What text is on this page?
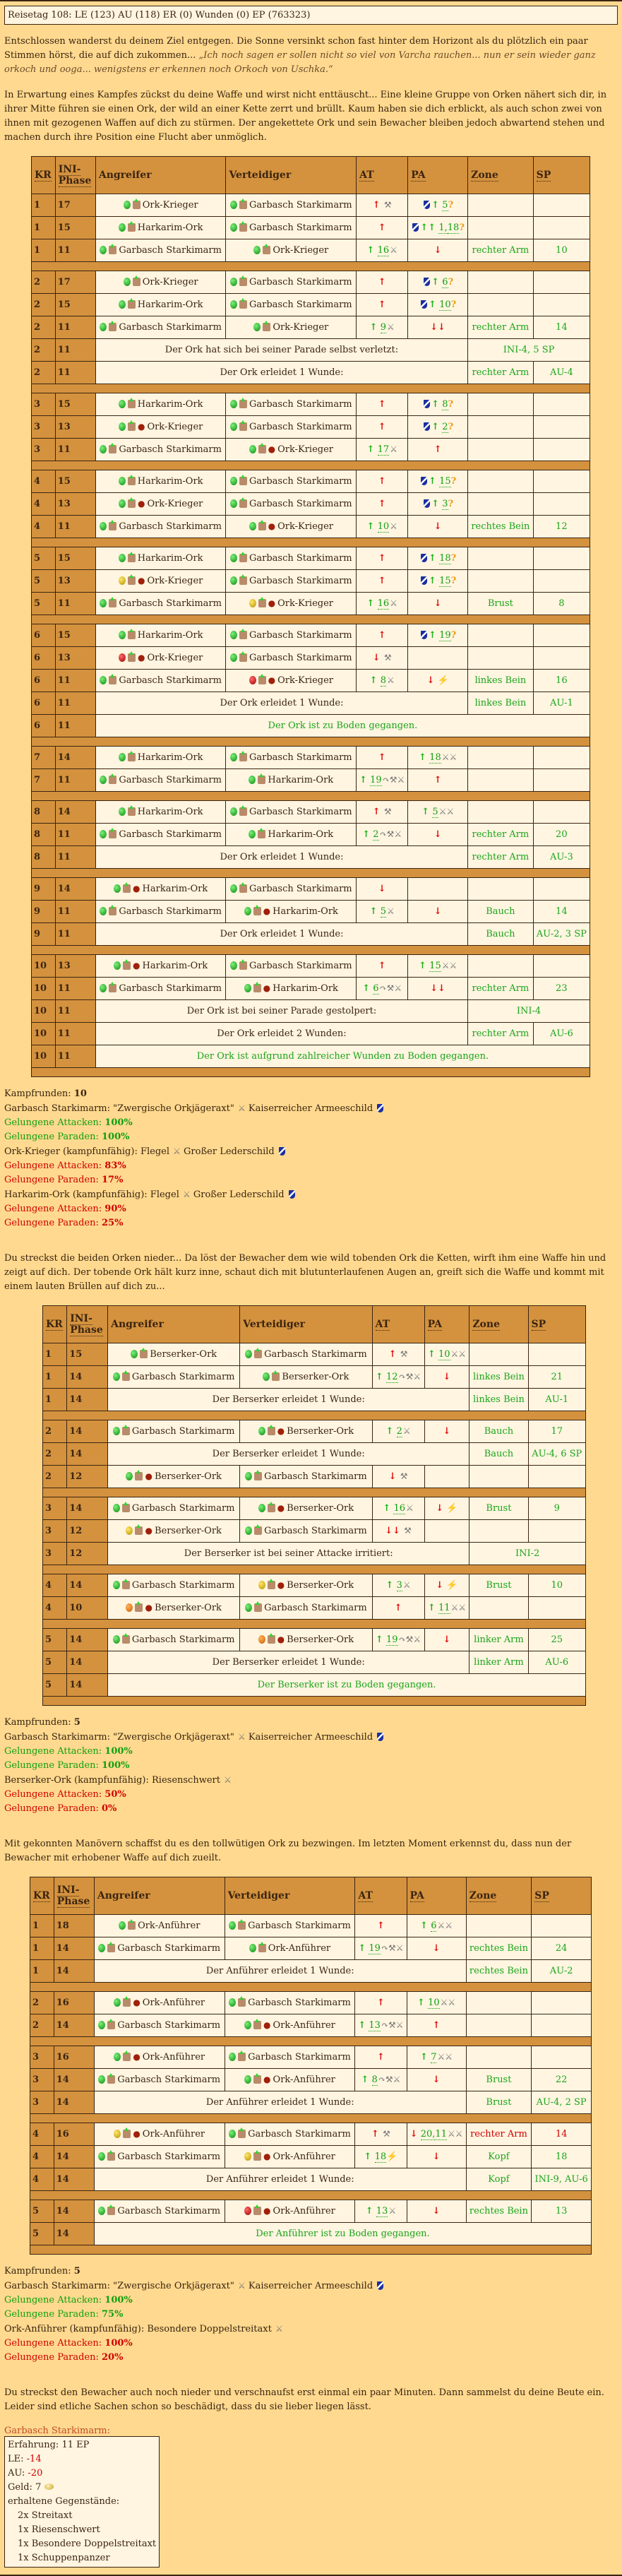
Reisetag 108: LE (123) AU (118) ER (0) Wunden (0) EP (763323)

Entschlossen wanderst du deinem Ziel entgegen. Die Sonne versinkt schon fast hinter dem Horizont als du plötzlich ein paar Stimmen hörst, die auf dich zukommen... „Ich noch sagen er sollen nicht so viel von Varcha rauchen... nun er sein wieder ganz orkoch und ooga... wenigstens er erkennen noch Orkoch von Uschka.“

In Erwartung eines Kampfes zückst du deine Waffe und wirst nicht enttäuscht... Eine kleine Gruppe von Orken nähert sich dir, in ihrer Mitte führen sie einen Ork, der wild an einer Kette zerrt und brüllt. Kaum haben sie dich erblickt, als auch schon zwei von ihnen mit gezogenen Waffen auf dich zu stürmen. Der angekettete Ork und sein Bewacher bleiben jedoch abwartend stehen und machen durch ihre Position eine Flucht aber unmöglich.

KR	INI-
Phase	Angreifer	Verteidiger	AT	PA	Zone	SP
1	17	Ork-Krieger	Garbasch Starkimarm	↑ ⚒	↑ 5?		
1	15	Harkarim-Ork	Garbasch Starkimarm	↑	↑↑ 1,18?		
1	11	Garbasch Starkimarm	Ork-Krieger	↑ 16⚔	↓	rechter Arm	10

2	17	Ork-Krieger	Garbasch Starkimarm	↑	↑ 6?		
2	15	Harkarim-Ork	Garbasch Starkimarm	↑	↑ 10?		
2	11	Garbasch Starkimarm	Ork-Krieger	↑ 9⚔	↓↓	rechter Arm	14
2	11	Der Ork hat sich bei seiner Parade selbst verletzt:				INI-4, 5 SP	
2	11	Der Ork erleidet 1 Wunde:				rechter Arm	AU-4

3	15	Harkarim-Ork	Garbasch Starkimarm	↑	↑ 8?		
3	13	● Ork-Krieger	Garbasch Starkimarm	↑	↑ 2?		
3	11	Garbasch Starkimarm	● Ork-Krieger	↑ 17⚔	↑		

4	15	Harkarim-Ork	Garbasch Starkimarm	↑	↑ 15?		
4	13	● Ork-Krieger	Garbasch Starkimarm	↑	↑ 3?		
4	11	Garbasch Starkimarm	● Ork-Krieger	↑ 10⚔	↓	rechtes Bein	12

5	15	Harkarim-Ork	Garbasch Starkimarm	↑	↑ 18?		
5	13	● Ork-Krieger	Garbasch Starkimarm	↑	↑ 15?		
5	11	Garbasch Starkimarm	● Ork-Krieger	↑ 16⚔	↓	Brust	8

6	15	Harkarim-Ork	Garbasch Starkimarm	↑	↑ 19?		
6	13	● Ork-Krieger	Garbasch Starkimarm	↓ ⚒			
6	11	Garbasch Starkimarm	● Ork-Krieger	↑ 8⚔	↓ ⚡	linkes Bein	16
6	11	Der Ork erleidet 1 Wunde:				linkes Bein	AU-1
6	11	Der Ork ist zu Boden gegangen.					

7	14	Harkarim-Ork	Garbasch Starkimarm	↑	↑ 18⚔⚔		
7	11	Garbasch Starkimarm	Harkarim-Ork	↑ 19↷⚒⚔	↑		

8	14	Harkarim-Ork	Garbasch Starkimarm	↑ ⚒	↑ 5⚔⚔		
8	11	Garbasch Starkimarm	Harkarim-Ork	↑ 2↷⚒⚔	↓	rechter Arm	20
8	11	Der Ork erleidet 1 Wunde:				rechter Arm	AU-3

9	14	● Harkarim-Ork	Garbasch Starkimarm	↓			
9	11	Garbasch Starkimarm	● Harkarim-Ork	↑ 5⚔	↓	Bauch	14
9	11	Der Ork erleidet 1 Wunde:				Bauch	AU-2, 3 SP

10	13	● Harkarim-Ork	Garbasch Starkimarm	↑	↑ 15⚔⚔		
10	11	Garbasch Starkimarm	● Harkarim-Ork	↑ 6↷⚒⚔	↓↓	rechter Arm	23
10	11	Der Ork ist bei seiner Parade gestolpert:				INI-4	
10	11	Der Ork erleidet 2 Wunden:				rechter Arm	AU-6
10	11	Der Ork ist aufgrund zahlreicher Wunden zu Boden gegangen.					

Kampfrunden: 10
Garbasch Starkimarm: "Zwergische Orkjägeraxt" ⚔ Kaiserreicher Armeeschild
Gelungene Attacken: 100%
Gelungene Paraden: 100%
Ork-Krieger (kampfunfähig): Flegel ⚔ Großer Lederschild
Gelungene Attacken: 83%
Gelungene Paraden: 17%
Harkarim-Ork (kampfunfähig): Flegel ⚔ Großer Lederschild
Gelungene Attacken: 90%
Gelungene Paraden: 25%

Du streckst die beiden Orken nieder... Da löst der Bewacher dem wie wild tobenden Ork die Ketten, wirft ihm eine Waffe hin und zeigt auf dich. Der tobende Ork hält kurz inne, schaut dich mit blutunterlaufenen Augen an, greift sich die Waffe und kommt mit einem lauten Brüllen auf dich zu...

KR	INI-
Phase	Angreifer	Verteidiger	AT	PA	Zone	SP
1	15	Berserker-Ork	Garbasch Starkimarm	↑ ⚒	↑ 10⚔⚔		
1	14	Garbasch Starkimarm	Berserker-Ork	↑ 12↷⚒⚔	↓	linkes Bein	21
1	14	Der Berserker erleidet 1 Wunde:				linkes Bein	AU-1

2	14	Garbasch Starkimarm	● Berserker-Ork	↑ 2⚔	↓	Bauch	17
2	14	Der Berserker erleidet 1 Wunde:				Bauch	AU-4, 6 SP
2	12	● Berserker-Ork	Garbasch Starkimarm	↓ ⚒			

3	14	Garbasch Starkimarm	● Berserker-Ork	↑ 16⚔	↓ ⚡	Brust	9
3	12	● Berserker-Ork	Garbasch Starkimarm	↓↓ ⚒			
3	12	Der Berserker ist bei seiner Attacke irritiert:				INI-2	

4	14	Garbasch Starkimarm	● Berserker-Ork	↑ 3⚔	↓ ⚡	Brust	10
4	10	● Berserker-Ork	Garbasch Starkimarm	↑	↑ 11⚔⚔		

5	14	Garbasch Starkimarm	● Berserker-Ork	↑ 19↷⚒⚔	↓	linker Arm	25
5	14	Der Berserker erleidet 1 Wunde:				linker Arm	AU-6
5	14	Der Berserker ist zu Boden gegangen.					

Kampfrunden: 5
Garbasch Starkimarm: "Zwergische Orkjägeraxt" ⚔ Kaiserreicher Armeeschild
Gelungene Attacken: 100%
Gelungene Paraden: 100%
Berserker-Ork (kampfunfähig): Riesenschwert ⚔
Gelungene Attacken: 50%
Gelungene Paraden: 0%

Mit gekonnten Manövern schaffst du es den tollwütigen Ork zu bezwingen. Im letzten Moment erkennst du, dass nun der Bewacher mit erhobener Waffe auf dich zueilt.

KR	INI-
Phase	Angreifer	Verteidiger	AT	PA	Zone	SP
1	18	Ork-Anführer	Garbasch Starkimarm	↑	↑ 6⚔⚔		
1	14	Garbasch Starkimarm	Ork-Anführer	↑ 19↷⚒⚔	↓	rechtes Bein	24
1	14	Der Anführer erleidet 1 Wunde:				rechtes Bein	AU-2

2	16	● Ork-Anführer	Garbasch Starkimarm	↑	↑ 10⚔⚔		
2	14	Garbasch Starkimarm	● Ork-Anführer	↑ 13↷⚒⚔	↑		

3	16	● Ork-Anführer	Garbasch Starkimarm	↑	↑ 7⚔⚔		
3	14	Garbasch Starkimarm	● Ork-Anführer	↑ 8↷⚒⚔	↓	Brust	22
3	14	Der Anführer erleidet 1 Wunde:				Brust	AU-4, 2 SP

4	16	● Ork-Anführer	Garbasch Starkimarm	↑ ⚒	↓ 20,11⚔⚔	rechter Arm	14
4	14	Garbasch Starkimarm	● Ork-Anführer	↑ 18⚡	↓	Kopf	18
4	14	Der Anführer erleidet 1 Wunde:				Kopf	INI-9, AU-6

5	14	Garbasch Starkimarm	● Ork-Anführer	↑ 13⚔	↓	rechtes Bein	13
5	14	Der Anführer ist zu Boden gegangen.					

Kampfrunden: 5
Garbasch Starkimarm: "Zwergische Orkjägeraxt" ⚔ Kaiserreicher Armeeschild
Gelungene Attacken: 100%
Gelungene Paraden: 75%
Ork-Anführer (kampfunfähig): Besondere Doppelstreitaxt ⚔
Gelungene Attacken: 100%
Gelungene Paraden: 20%

Du streckst den Bewacher auch noch nieder und verschnaufst erst einmal ein paar Minuten. Dann sammelst du deine Beute ein. Leider sind etliche Sachen schon so beschädigt, dass du sie lieber liegen lässt.

Garbasch Starkimarm:
Erfahrung: 11 EP
LE: -14
AU: -20
Geld: 7
erhaltene Gegenstände:
2x Streitaxt
1x Riesenschwert
1x Besondere Doppelstreitaxt
1x Schuppenpanzer
